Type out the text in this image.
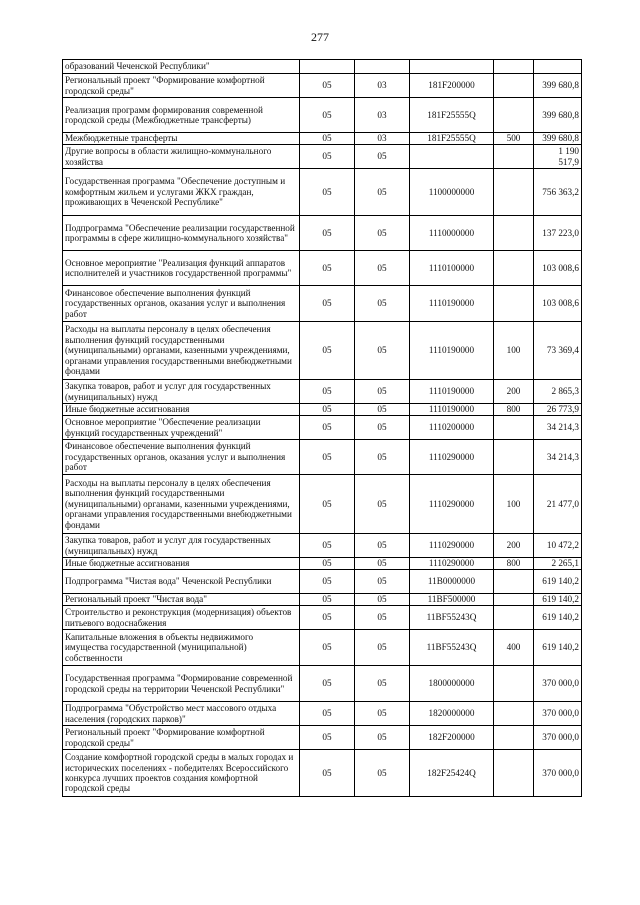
277
образований Чеченской Республики"					
Региональный проект "Формирование комфортной городской среды"	05	03	181F200000		399 680,8
Реализация программ формирования современной городской среды (Межбюджетные трансферты)	05	03	181F25555Q		399 680,8
Межбюджетные трансферты	05	03	181F25555Q	500	399 680,8
Другие вопросы в области жилищно-коммунального хозяйства	05	05			1 190 517,9
Государственная программа "Обеспечение доступным и комфортным жильем и услугами ЖКХ граждан, проживающих в Чеченской Республике"	05	05	1100000000		756 363,2
Подпрограмма "Обеспечение реализации государственной программы в сфере жилищно-коммунального хозяйства"	05	05	1110000000		137 223,0
Основное мероприятие "Реализация функций аппаратов исполнителей и участников государственной программы"	05	05	1110100000		103 008,6
Финансовое обеспечение выполнения функций государственных органов, оказания услуг и выполнения работ	05	05	1110190000		103 008,6
Расходы на выплаты персоналу в целях обеспечения выполнения функций государственными (муниципальными) органами, казенными учреждениями, органами управления государственными внебюджетными фондами	05	05	1110190000	100	73 369,4
Закупка товаров, работ и услуг для государственных (муниципальных) нужд	05	05	1110190000	200	2 865,3
Иные бюджетные ассигнования	05	05	1110190000	800	26 773,9
Основное мероприятие "Обеспечение реализации функций государственных учреждений"	05	05	1110200000		34 214,3
Финансовое обеспечение выполнения функций государственных органов, оказания услуг и выполнения работ	05	05	1110290000		34 214,3
Расходы на выплаты персоналу в целях обеспечения выполнения функций государственными (муниципальными) органами, казенными учреждениями, органами управления государственными внебюджетными фондами	05	05	1110290000	100	21 477,0
Закупка товаров, работ и услуг для государственных (муниципальных) нужд	05	05	1110290000	200	10 472,2
Иные бюджетные ассигнования	05	05	1110290000	800	2 265,1
Подпрограмма "Чистая вода" Чеченской Республики	05	05	11В0000000		619 140,2
Региональный проект "Чистая вода"	05	05	11BF500000		619 140,2
Строительство и реконструкция (модернизация) объектов питьевого водоснабжения	05	05	11BF55243Q		619 140,2
Капитальные вложения в объекты недвижимого имущества государственной (муниципальной) собственности	05	05	11BF55243Q	400	619 140,2
Государственная программа "Формирование современной городской среды на территории Чеченской Республики"	05	05	1800000000		370 000,0
Подпрограмма "Обустройство мест массового отдыха населения (городских парков)"	05	05	1820000000		370 000,0
Региональный проект "Формирование комфортной городской среды"	05	05	182F200000		370 000,0
Создание комфортной городской среды в малых городах и исторических поселениях - победителях Всероссийского конкурса лучших проектов создания комфортной городской среды	05	05	182F25424Q		370 000,0
